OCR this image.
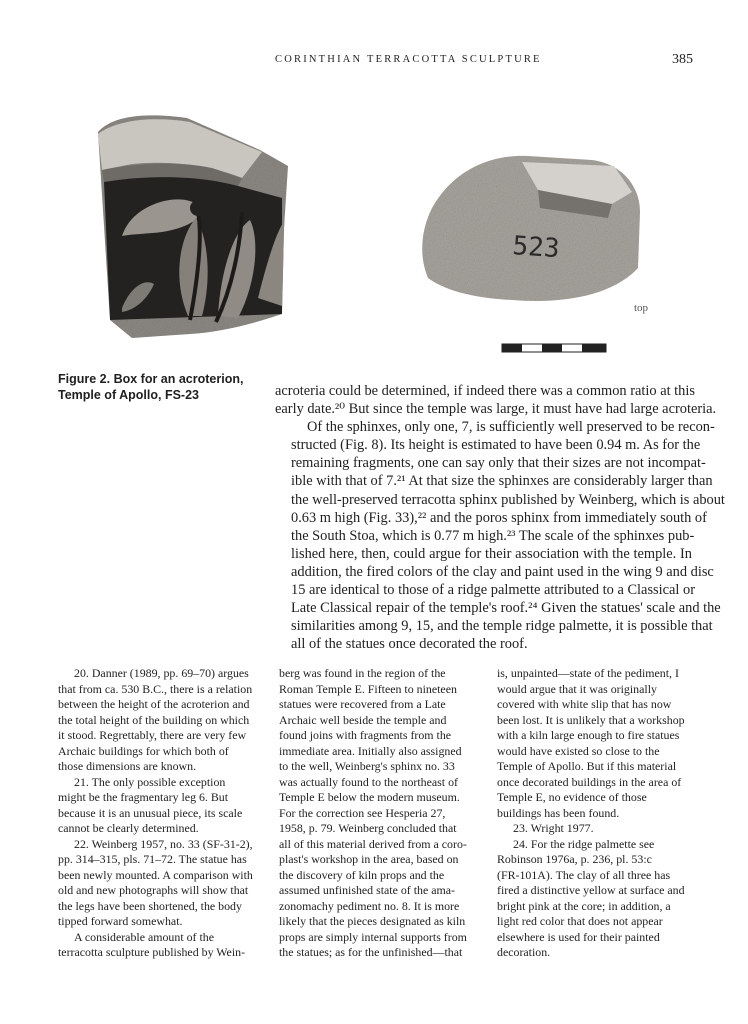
CORINTHIAN TERRACOTTA SCULPTURE	385
523
top
Figure 2. Box for an acroterion,
Temple of Apollo, FS-23	acroteria could be determined, if indeed there was a common ratio at this
early date.²⁰ But since the temple was large, it must have had large acroteria.

Of the sphinxes, only one, 7, is sufficiently well preserved to be recon-
structed (Fig. 8). Its height is estimated to have been 0.94 m. As for the
remaining fragments, one can say only that their sizes are not incompat-
ible with that of 7.²¹ At that size the sphinxes are considerably larger than
the well-preserved terracotta sphinx published by Weinberg, which is about
0.63 m high (Fig. 33),²² and the poros sphinx from immediately south of
the South Stoa, which is 0.77 m high.²³ The scale of the sphinxes pub-
lished here, then, could argue for their association with the temple. In
addition, the fired colors of the clay and paint used in the wing 9 and disc
15 are identical to those of a ridge palmette attributed to a Classical or
Late Classical repair of the temple's roof.²⁴ Given the statues' scale and the
similarities among 9, 15, and the temple ridge palmette, it is possible that
all of the statues once decorated the roof.

20. Danner (1989, pp. 69–70) argues
that from ca. 530 B.C., there is a relation
between the height of the acroterion and
the total height of the building on which
it stood. Regrettably, there are very few
Archaic buildings for which both of
those dimensions are known.
21. The only possible exception
might be the fragmentary leg 6. But
because it is an unusual piece, its scale
cannot be clearly determined.
22. Weinberg 1957, no. 33 (SF-31-2),
pp. 314–315, pls. 71–72. The statue has
been newly mounted. A comparison with
old and new photographs will show that
the legs have been shortened, the body
tipped forward somewhat.
A considerable amount of the
terracotta sculpture published by Wein-
berg was found in the region of the
Roman Temple E. Fifteen to nineteen
statues were recovered from a Late
Archaic well beside the temple and
found joins with fragments from the
immediate area. Initially also assigned
to the well, Weinberg's sphinx no. 33
was actually found to the northeast of
Temple E below the modern museum.
For the correction see Hesperia 27,
1958, p. 79. Weinberg concluded that
all of this material derived from a coro-
plast's workshop in the area, based on
the discovery of kiln props and the
assumed unfinished state of the ama-
zonomachy pediment no. 8. It is more
likely that the pieces designated as kiln
props are simply internal supports from
the statues; as for the unfinished—that
is, unpainted—state of the pediment, I
would argue that it was originally
covered with white slip that has now
been lost. It is unlikely that a workshop
with a kiln large enough to fire statues
would have existed so close to the
Temple of Apollo. But if this material
once decorated buildings in the area of
Temple E, no evidence of those
buildings has been found.
23. Wright 1977.
24. For the ridge palmette see
Robinson 1976a, p. 236, pl. 53:c
(FR-101A). The clay of all three has
fired a distinctive yellow at surface and
bright pink at the core; in addition, a
light red color that does not appear
elsewhere is used for their painted
decoration.
